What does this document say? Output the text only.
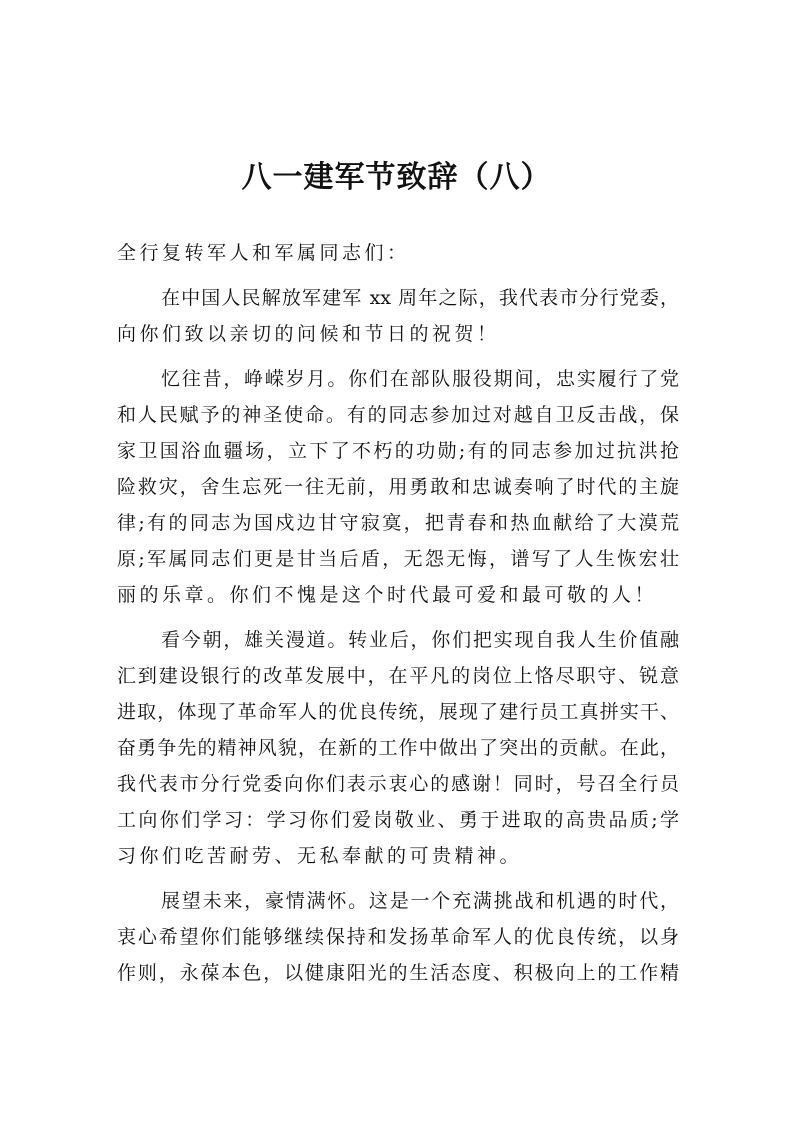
八一建军节致辞（八）
全行复转军人和军属同志们：
在中国人民解放军建军 xx 周年之际，我代表市分行党委，
向你们致以亲切的问候和节日的祝贺！
忆往昔，峥嵘岁月。你们在部队服役期间，忠实履行了党
和人民赋予的神圣使命。有的同志参加过对越自卫反击战，保
家卫国浴血疆场，立下了不朽的功勋;有的同志参加过抗洪抢
险救灾，舍生忘死一往无前，用勇敢和忠诚奏响了时代的主旋
律;有的同志为国戍边甘守寂寞，把青春和热血献给了大漠荒
原;军属同志们更是甘当后盾，无怨无悔，谱写了人生恢宏壮
丽的乐章。你们不愧是这个时代最可爱和最可敬的人！
看今朝，雄关漫道。转业后，你们把实现自我人生价值融
汇到建设银行的改革发展中，在平凡的岗位上恪尽职守、锐意
进取，体现了革命军人的优良传统，展现了建行员工真拼实干、
奋勇争先的精神风貌，在新的工作中做出了突出的贡献。在此，
我代表市分行党委向你们表示衷心的感谢！同时，号召全行员
工向你们学习：学习你们爱岗敬业、勇于进取的高贵品质;学
习你们吃苦耐劳、无私奉献的可贵精神。
展望未来，豪情满怀。这是一个充满挑战和机遇的时代，
衷心希望你们能够继续保持和发扬革命军人的优良传统，以身
作则，永葆本色，以健康阳光的生活态度、积极向上的工作精
